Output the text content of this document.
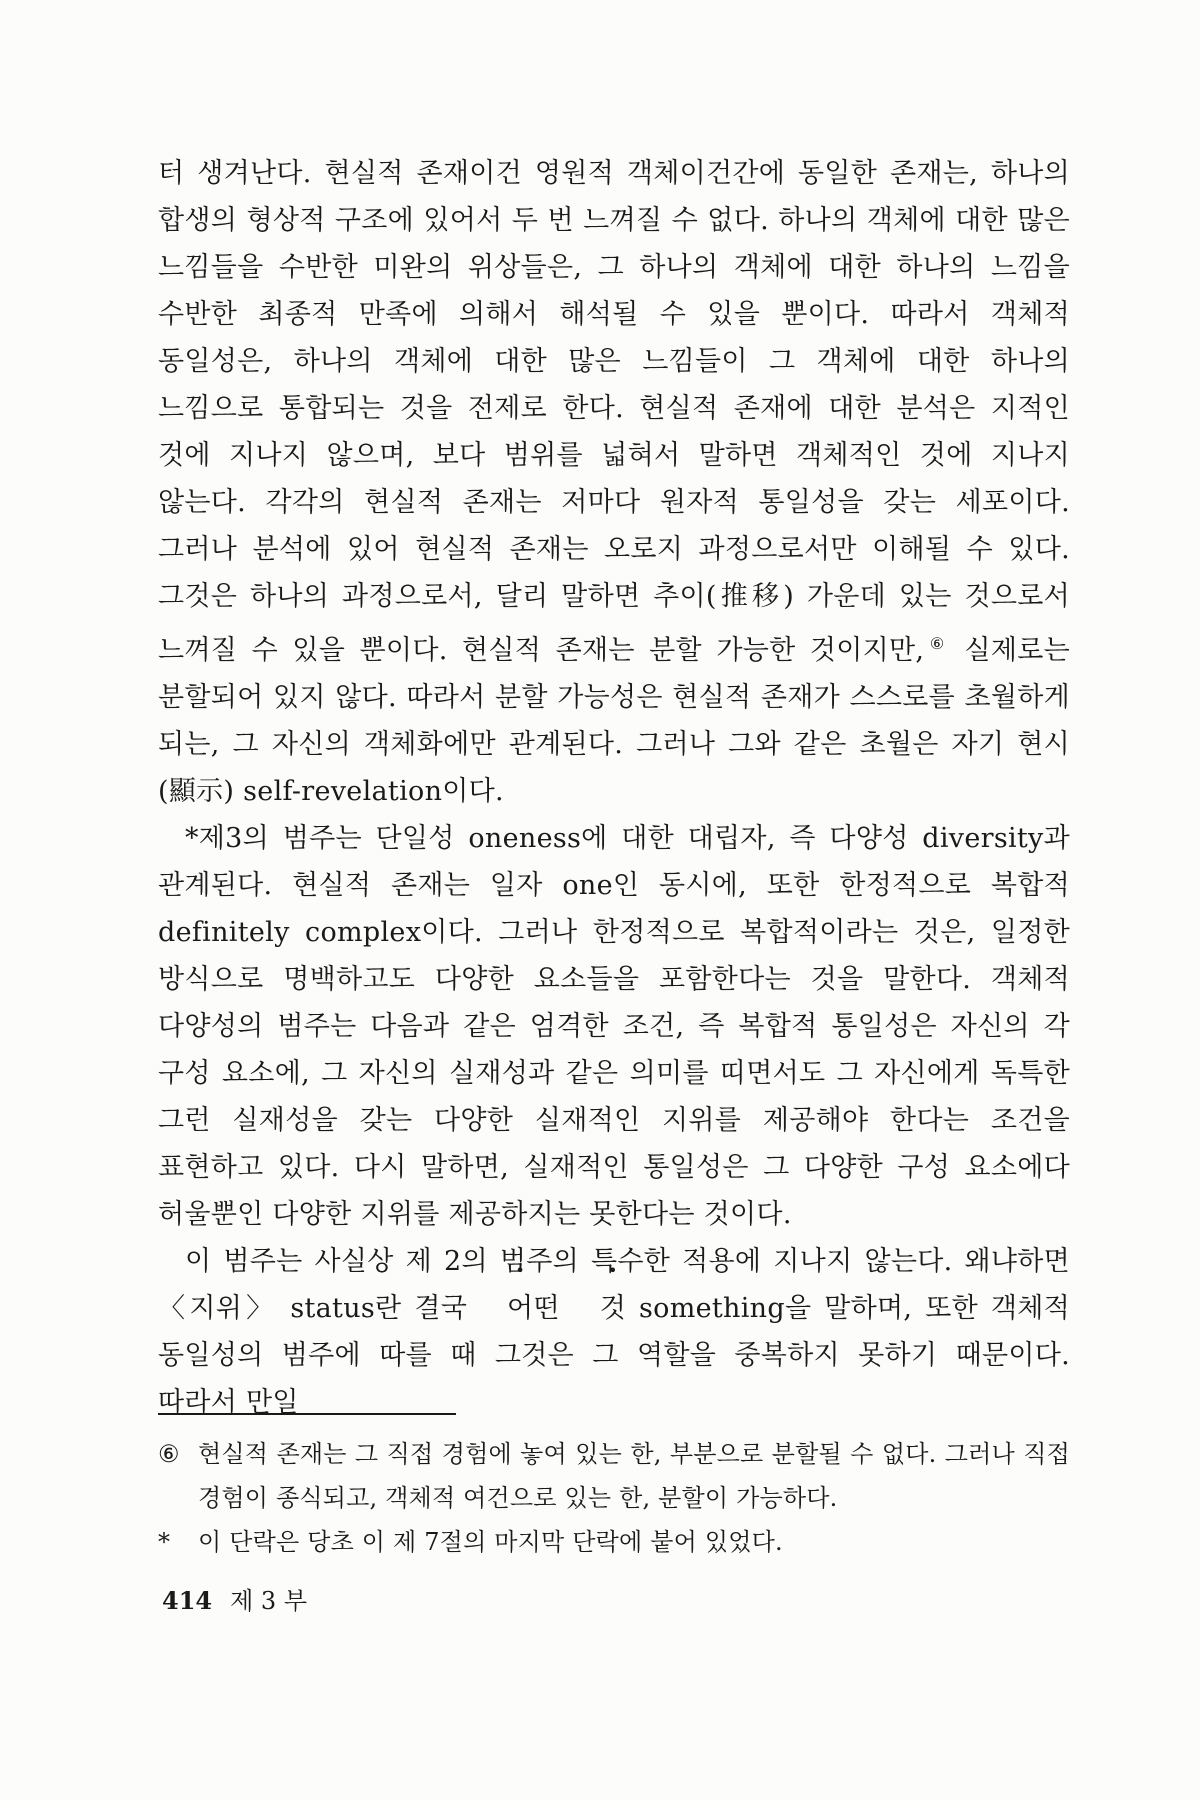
터 생겨난다. 현실적 존재이건 영원적 객체이건간에 동일한 존재는, 하나의 합생의 형상적 구조에 있어서 두 번 느껴질 수 없다. 하나의 객체에 대한 많은 느낌들을 수반한 미완의 위상들은, 그 하나의 객체에 대한 하나의 느낌을 수반한 최종적 만족에 의해서 해석될 수 있을 뿐이다. 따라서 객체적 동일성은, 하나의 객체에 대한 많은 느낌들이 그 객체에 대한 하나의 느낌으로 통합되는 것을 전제로 한다. 현실적 존재에 대한 분석은 지적인 것에 지나지 않으며, 보다 범위를 넓혀서 말하면 객체적인 것에 지나지 않는다. 각각의 현실적 존재는 저마다 원자적 통일성을 갖는 세포이다. 그러나 분석에 있어 현실적 존재는 오로지 과정으로서만 이해될 수 있다. 그것은 하나의 과정으로서, 달리 말하면 추이(推移) 가운데 있는 것으로서 느껴질 수 있을 뿐이다. 현실적 존재는 분할 가능한 것이지만,⑥ 실제로는 분할되어 있지 않다. 따라서 분할 가능성은 현실적 존재가 스스로를 초월하게 되는, 그 자신의 객체화에만 관계된다. 그러나 그와 같은 초월은 자기 현시(顯示) self-revelation이다.

*제3의 범주는 단일성 oneness에 대한 대립자, 즉 다양성 diversity과 관계된다. 현실적 존재는 일자 one인 동시에, 또한 한정적으로 복합적 definitely complex이다. 그러나 한정적으로 복합적이라는 것은, 일정한 방식으로 명백하고도 다양한 요소들을 포함한다는 것을 말한다. 객체적 다양성의 범주는 다음과 같은 엄격한 조건, 즉 복합적 통일성은 자신의 각 구성 요소에, 그 자신의 실재성과 같은 의미를 띠면서도 그 자신에게 독특한 그런 실재성을 갖는 다양한 실재적인 지위를 제공해야 한다는 조건을 표현하고 있다. 다시 말하면, 실재적인 통일성은 그 다양한 구성 요소에다 허울뿐인 다양한 지위를 제공하지는 못한다는 것이다.

이 범주는 사실상 제 2의 범주의 특수한 적용에 지나지 않는다. 왜냐하면 〈지위〉 status란 결국 어떤 것 something을 말하며, 또한 객체적 동일성의 범주에 따를 때 그것은 그 역할을 중복하지 못하기 때문이다. 따라서 만일

⑥ 현실적 존재는 그 직접 경험에 놓여 있는 한, 부분으로 분할될 수 없다. 그러나 직접 경험이 종식되고, 객체적 여건으로 있는 한, 분할이 가능하다.

* 이 단락은 당초 이 제 7절의 마지막 단락에 붙어 있었다.

414 제 3 부
